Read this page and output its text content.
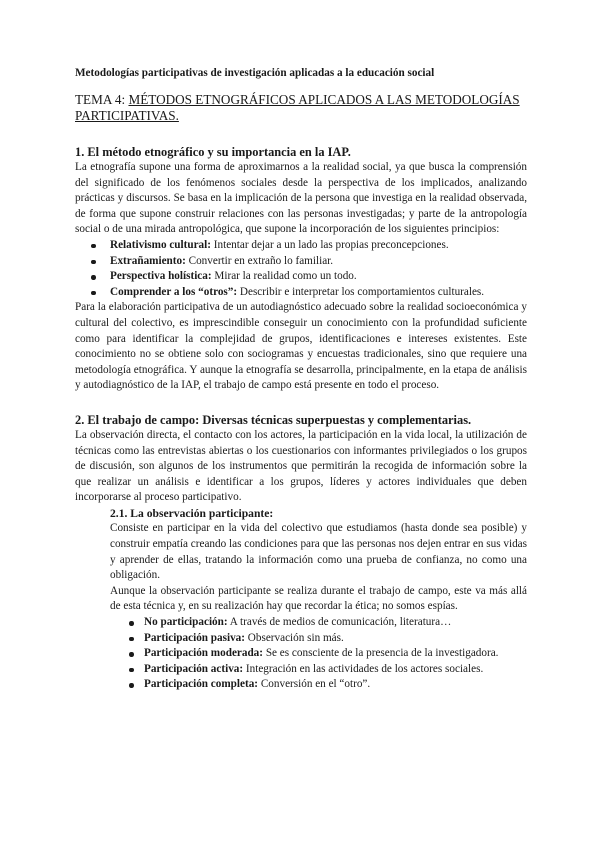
Metodologías participativas de investigación aplicadas a la educación social

TEMA 4: MÉTODOS ETNOGRÁFICOS APLICADOS A LAS METODOLOGÍAS PARTICIPATIVAS.
1. El método etnográfico y su importancia en la IAP.

La etnografía supone una forma de aproximarnos a la realidad social, ya que busca la comprensión del significado de los fenómenos sociales desde la perspectiva de los implicados, analizando prácticas y discursos. Se basa en la implicación de la persona que investiga en la realidad observada, de forma que supone construir relaciones con las personas investigadas; y parte de la antropología social o de una mirada antropológica, que supone la incorporación de los siguientes principios:

Relativismo cultural: Intentar dejar a un lado las propias preconcepciones.
Extrañamiento: Convertir en extraño lo familiar.
Perspectiva holística: Mirar la realidad como un todo.
Comprender a los “otros”: Describir e interpretar los comportamientos culturales.

Para la elaboración participativa de un autodiagnóstico adecuado sobre la realidad socioeconómica y cultural del colectivo, es imprescindible conseguir un conocimiento con la profundidad suficiente como para identificar la complejidad de grupos, identificaciones e intereses existentes. Este conocimiento no se obtiene solo con sociogramas y encuestas tradicionales, sino que requiere una metodología etnográfica. Y aunque la etnografía se desarrolla, principalmente, en la etapa de análisis y autodiagnóstico de la IAP, el trabajo de campo está presente en todo el proceso.

2. El trabajo de campo: Diversas técnicas superpuestas y complementarias.

La observación directa, el contacto con los actores, la participación en la vida local, la utilización de técnicas como las entrevistas abiertas o los cuestionarios con informantes privilegiados o los grupos de discusión, son algunos de los instrumentos que permitirán la recogida de información sobre la que realizar un análisis e identificar a los grupos, líderes y actores individuales que deben incorporarse al proceso participativo.

2.1. La observación participante:

Consiste en participar en la vida del colectivo que estudiamos (hasta donde sea posible) y construir empatía creando las condiciones para que las personas nos dejen entrar en sus vidas y aprender de ellas, tratando la información como una prueba de confianza, no como una obligación.

Aunque la observación participante se realiza durante el trabajo de campo, este va más allá de esta técnica y, en su realización hay que recordar la ética; no somos espías.

No participación: A través de medios de comunicación, literatura…
Participación pasiva: Observación sin más.
Participación moderada: Se es consciente de la presencia de la investigadora.
Participación activa: Integración en las actividades de los actores sociales.
Participación completa: Conversión en el “otro”.
